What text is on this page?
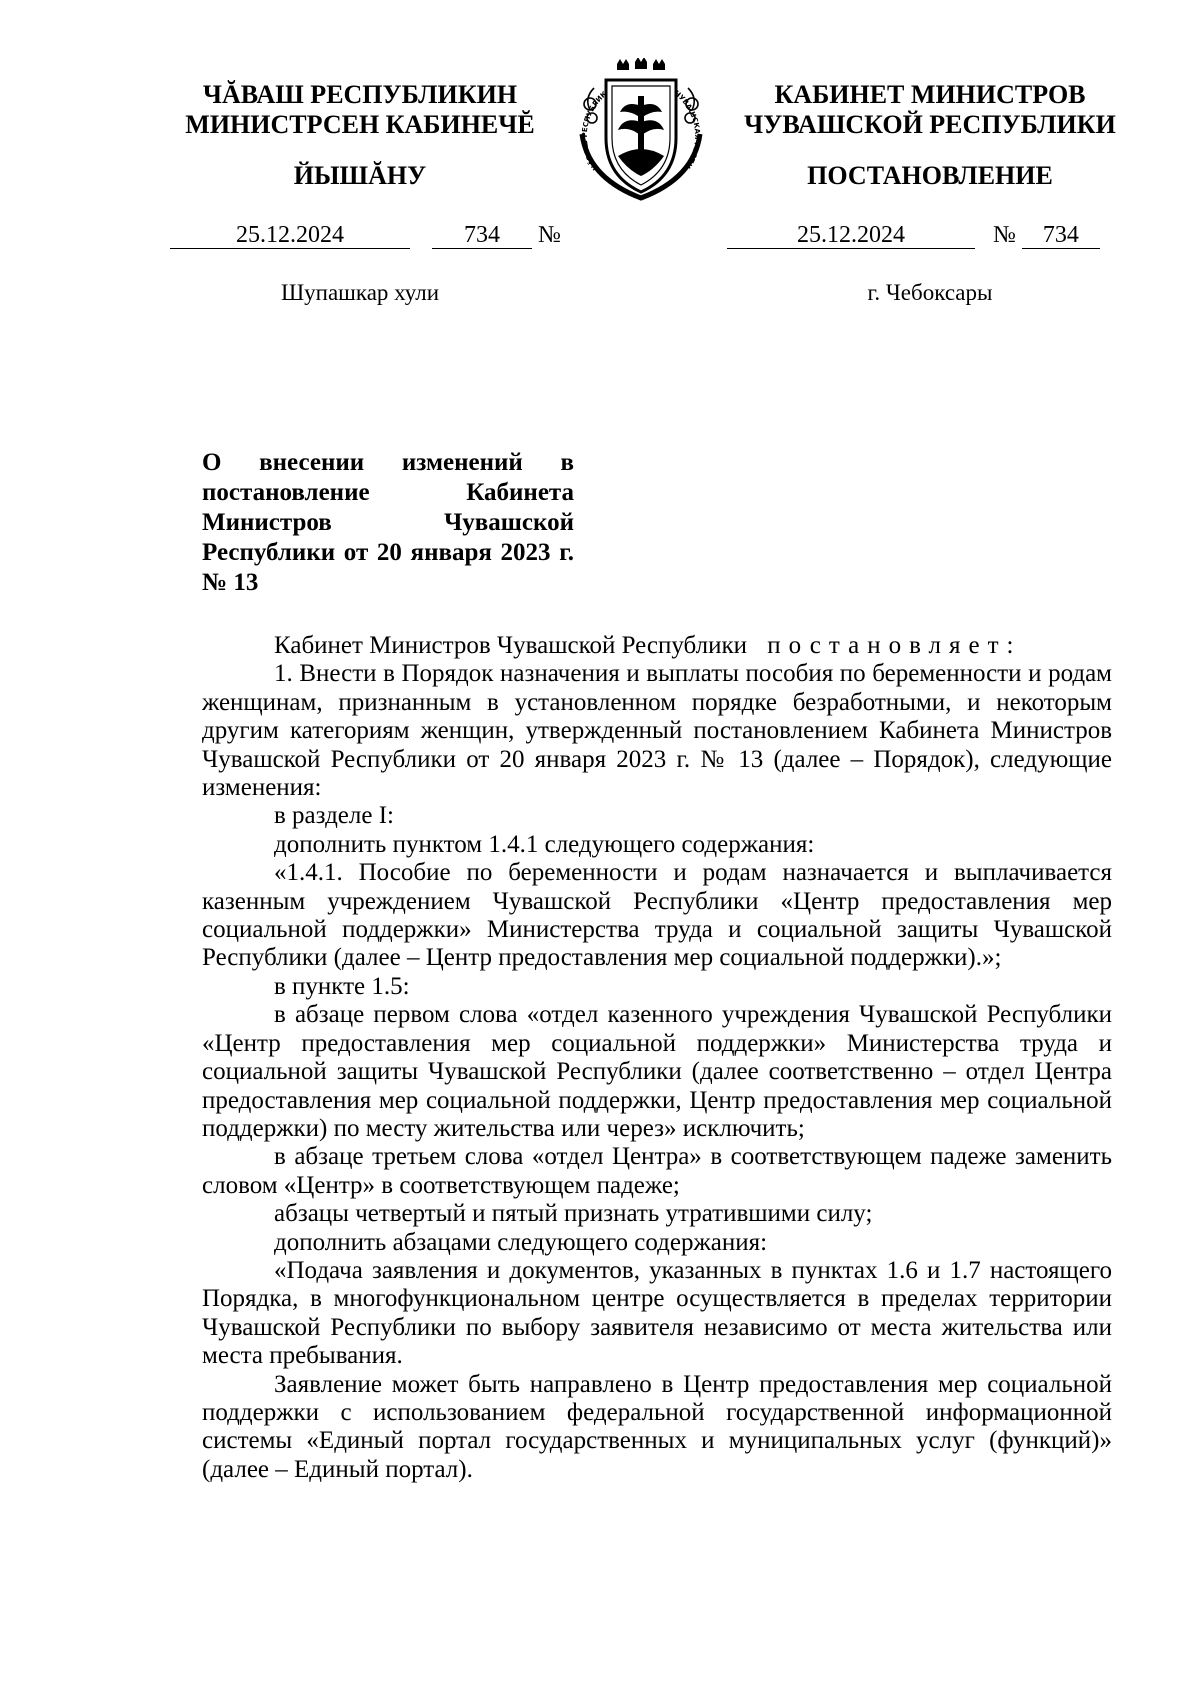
ЧĂВАШ РЕСПУБЛИКИН
МИНИСТРСЕН КАБИНЕЧĔ
ЙЫШĂНУ	ЧĂВАШ РЕСПУБЛИК	ЧУВАШСКАЯ РЕСПУ
КАБИНЕТ МИНИСТРОВ
ЧУВАШСКОЙ РЕСПУБЛИКИ
ПОСТАНОВЛЕНИЕ
25.12.2024	734 №	25.12.2024	№ 734
Шупашкар хули	г. Чебоксары
О внесении изменений в постановление Кабинета Министров Чувашской Республики от 20 января 2023 г. № 13

Кабинет Министров Чувашской Республики постановляет:

1. Внести в Порядок назначения и выплаты пособия по беременности и родам женщинам, признанным в установленном порядке безработными, и некоторым другим категориям женщин, утвержденный постановлением Кабинета Министров Чувашской Республики от 20 января 2023 г. № 13 (далее – Порядок), следующие изменения:

в разделе I:

дополнить пунктом 1.4.1 следующего содержания:

«1.4.1. Пособие по беременности и родам назначается и выплачивается казенным учреждением Чувашской Республики «Центр предоставления мер социальной поддержки» Министерства труда и социальной защиты Чувашской Республики (далее – Центр предоставления мер социальной поддержки).»;

в пункте 1.5:

в абзаце первом слова «отдел казенного учреждения Чувашской Республики «Центр предоставления мер социальной поддержки» Министерства труда и социальной защиты Чувашской Республики (далее соответственно – отдел Центра предоставления мер социальной поддержки, Центр предоставления мер социальной поддержки) по месту жительства или через» исключить;

в абзаце третьем слова «отдел Центра» в соответствующем падеже заменить словом «Центр» в соответствующем падеже;

абзацы четвертый и пятый признать утратившими силу;

дополнить абзацами следующего содержания:

«Подача заявления и документов, указанных в пунктах 1.6 и 1.7 настоящего Порядка, в многофункциональном центре осуществляется в пределах территории Чувашской Республики по выбору заявителя независимо от места жительства или места пребывания.

Заявление может быть направлено в Центр предоставления мер социальной поддержки с использованием федеральной государственной информационной системы «Единый портал государственных и муниципальных услуг (функций)» (далее – Единый портал).
